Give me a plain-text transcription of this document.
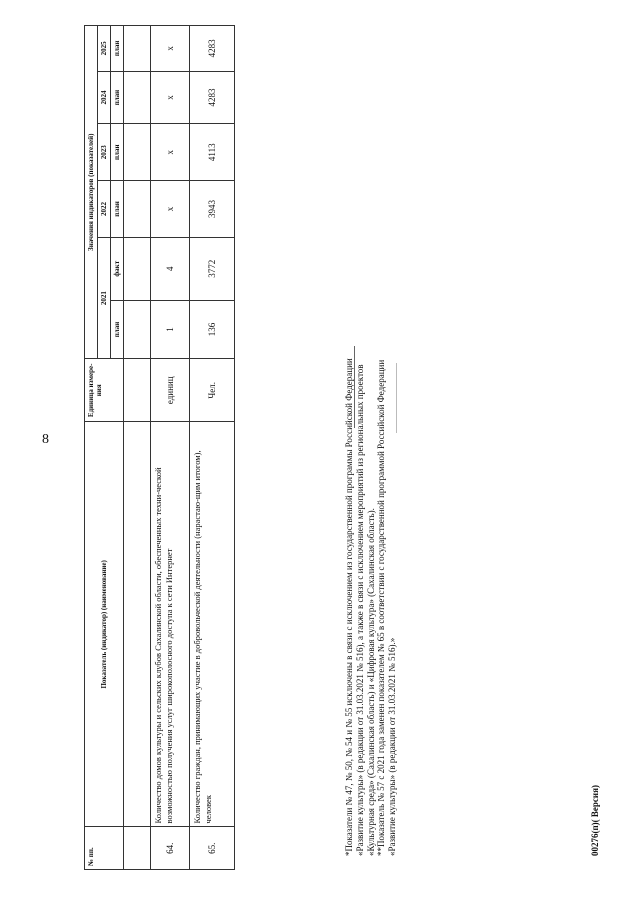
8
№ пп.	Показатель (индикатор) (наименование)	Единица измере-ния	Значения индикаторов (показателей)					
			2021		2022	2023	2024	2025
			план	факт	план	план	план	план

64.	Количество домов культуры и сельских клубов Сахалинской области, обеспеченных техни-ческой возможностью получения услуг широкополосного доступа к сети Интернет	единиц	1	4	x	x	x	x
65.	Количество граждан, принимающих участие в добровольческой деятельности (нарастаю-щим итогом), человек	Чел.	136	3772	3943	4113	4283	4283

*Показатели № 47, № 50, № 54 и № 55 исключены в связи с исключением из государственной программы Российской Федерации «Развитие культуры» (в редакции от 31.03.2021 № 516), а также в связи с исключением мероприятий из региональных проектов «Культурная среда» (Сахалинская область) и «Цифровая культура» (Сахалинская область). **Показатель № 57 с 2021 года заменен показателем № 65 в соответствии с государственной программой Российской Федерации «Развитие культуры» (в редакции от 31.03.2021 № 516).»	00276(п)( Версия)
